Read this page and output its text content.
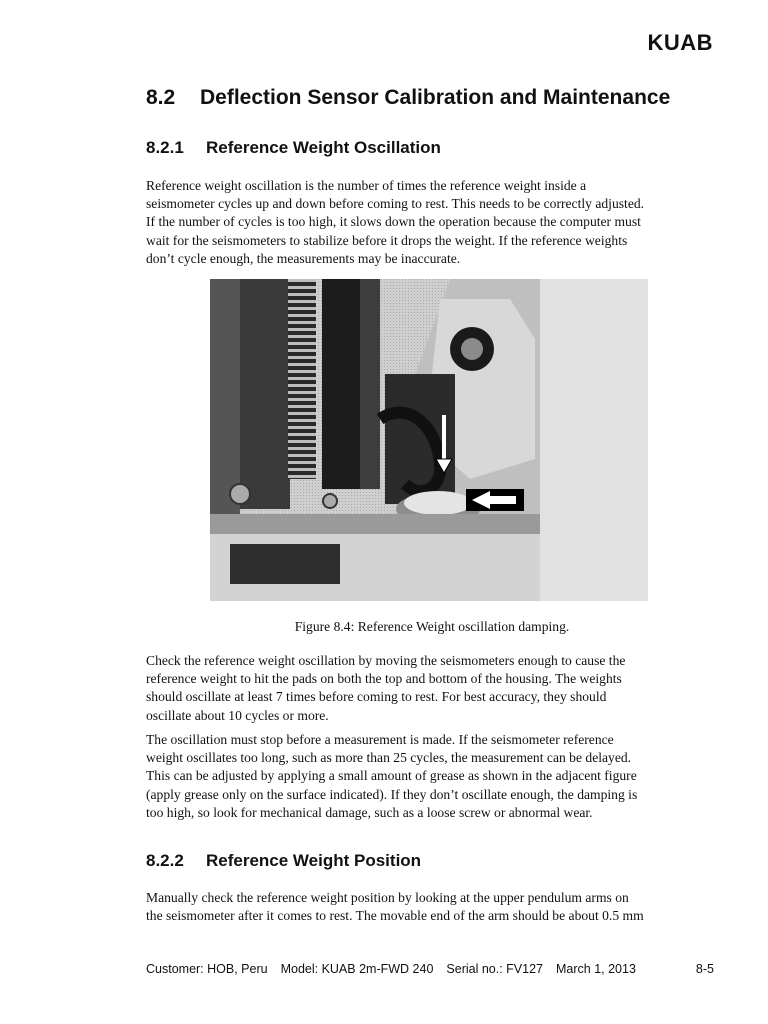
KUAB
8.2 Deflection Sensor Calibration and Maintenance
8.2.1 Reference Weight Oscillation
Reference weight oscillation is the number of times the reference weight inside a
seismometer cycles up and down before coming to rest. This needs to be correctly adjusted.
If the number of cycles is too high, it slows down the operation because the computer must
wait for the seismometers to stabilize before it drops the weight. If the reference weights
don’t cycle enough, the measurements may be inaccurate.
Figure 8.4: Reference Weight oscillation damping.
Check the reference weight oscillation by moving the seismometers enough to cause the
reference weight to hit the pads on both the top and bottom of the housing. The weights
should oscillate at least 7 times before coming to rest. For best accuracy, they should
oscillate about 10 cycles or more.
The oscillation must stop before a measurement is made. If the seismometer reference
weight oscillates too long, such as more than 25 cycles, the measurement can be delayed.
This can be adjusted by applying a small amount of grease as shown in the adjacent figure
(apply grease only on the surface indicated). If they don’t oscillate enough, the damping is
too high, so look for mechanical damage, such as a loose screw or abnormal wear.
8.2.2 Reference Weight Position
Manually check the reference weight position by looking at the upper pendulum arms on
the seismometer after it comes to rest. The movable end of the arm should be about 0.5 mm
Customer: HOB, Peru Model: KUAB 2m-FWD 240 Serial no.: FV127 March 1, 2013	8-5
